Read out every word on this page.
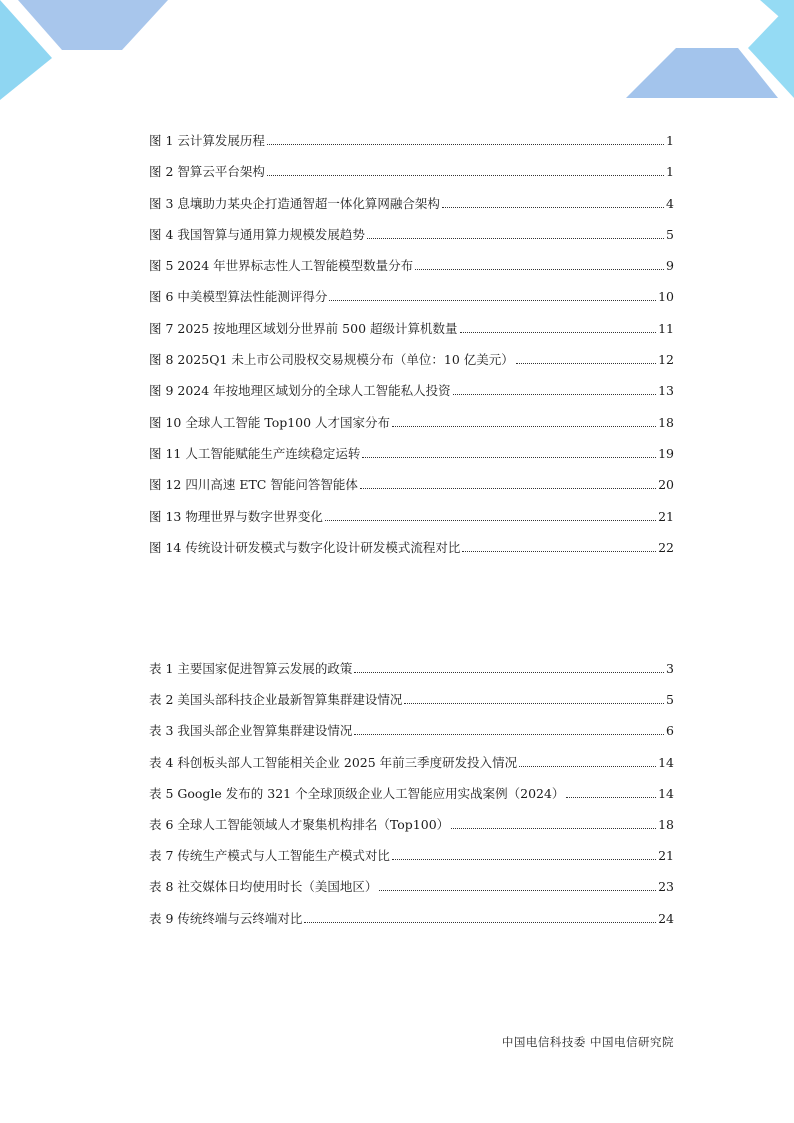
图 1 云计算发展历程	1
图 2 智算云平台架构	1
图 3 息壤助力某央企打造通智超一体化算网融合架构	4
图 4 我国智算与通用算力规模发展趋势	5
图 5 2024 年世界标志性人工智能模型数量分布	9
图 6 中美模型算法性能测评得分	10
图 7 2025 按地理区域划分世界前 500 超级计算机数量	11
图 8 2025Q1 未上市公司股权交易规模分布（单位：10 亿美元）	12
图 9 2024 年按地理区域划分的全球人工智能私人投资	13
图 10 全球人工智能 Top100 人才国家分布	18
图 11 人工智能赋能生产连续稳定运转	19
图 12 四川高速 ETC 智能问答智能体	20
图 13 物理世界与数字世界变化	21
图 14 传统设计研发模式与数字化设计研发模式流程对比	22
表 1 主要国家促进智算云发展的政策	3
表 2 美国头部科技企业最新智算集群建设情况	5
表 3 我国头部企业智算集群建设情况	6
表 4 科创板头部人工智能相关企业 2025 年前三季度研发投入情况	14
表 5 Google 发布的 321 个全球顶级企业人工智能应用实战案例（2024）	14
表 6 全球人工智能领域人才聚集机构排名（Top100）	18
表 7 传统生产模式与人工智能生产模式对比	21
表 8 社交媒体日均使用时长（美国地区）	23
表 9 传统终端与云终端对比	24
中国电信科技委 中国电信研究院
